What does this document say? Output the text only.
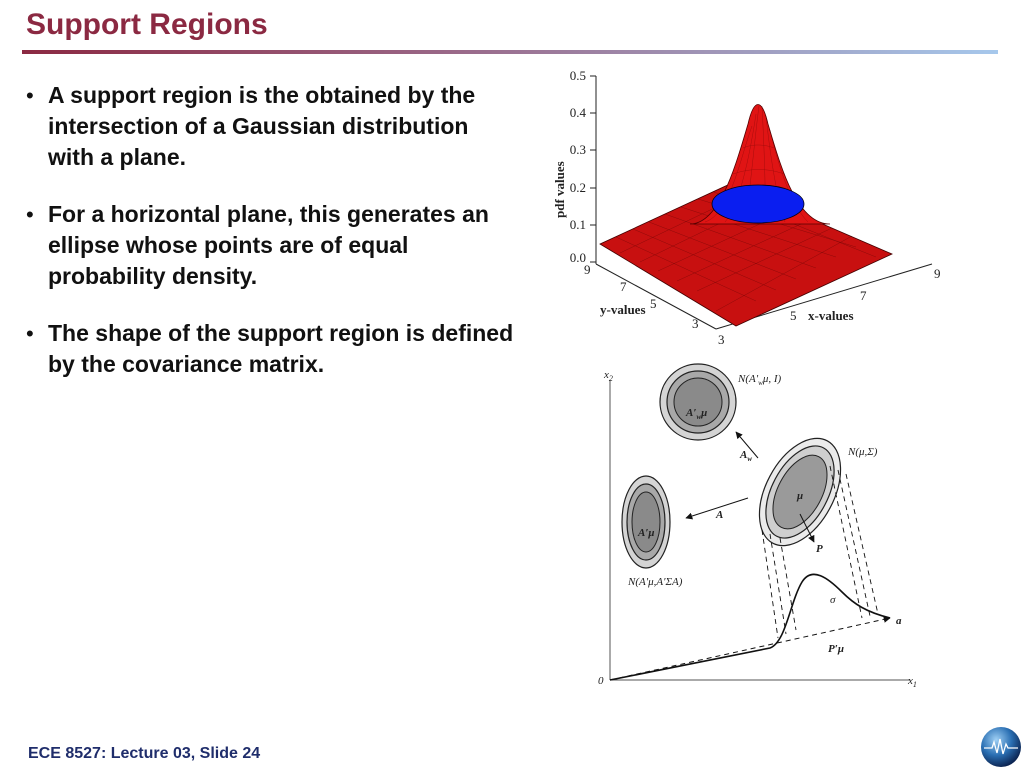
Support Regions
• A support region is the obtained by the intersection of a Gaussian distribution with a plane.
• For a horizontal plane, this generates an ellipse whose points are of equal probability density.
• The shape of the support region is defined by the covariance matrix.
0.5
0.4
0.3
0.2
0.1
0.0
pdf values
9
7
5
3
y-values
3
5
7
9
x-values
$x_2$
$x_1$
0
$A'_w\mu$
$N(A'_w\mu$, I)
A′μ
N(A′μ,A′ΣA)
μ
N(μ,Σ)
$A_w$
A
P
a
P′μ
σ
ECE 8527: Lecture 03, Slide 24
